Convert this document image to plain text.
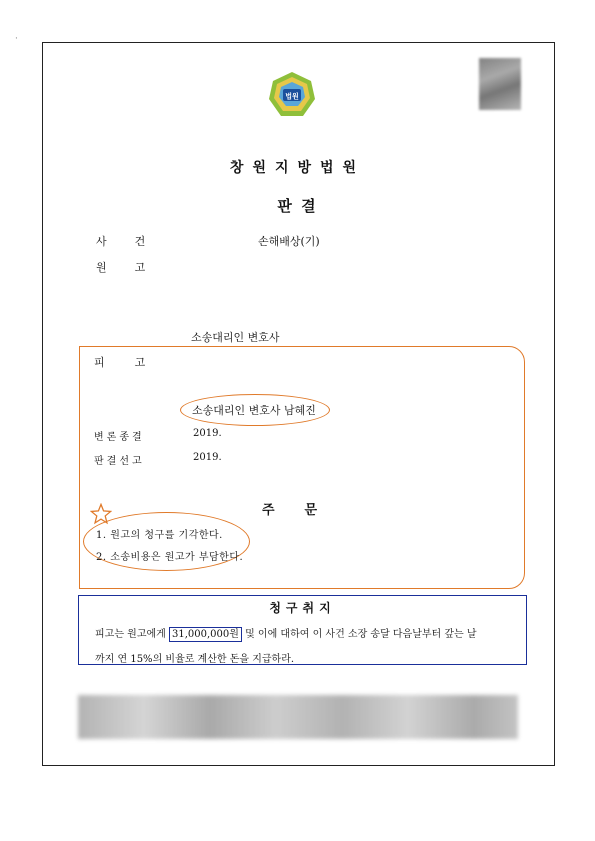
·
법원
창원지방법원
판 결
사건	손해배상(기)
원고
소송대리인 변호사
피고
소송대리인 변호사 남혜진
변론종결	2019.
판결선고	2019.
주문
1. 원고의 청구를 기각한다.
2. 소송비용은 원고가 부담한다.
청구취지
피고는 원고에게 31,000,000원 및 이에 대하여 이 사건 소장 송달 다음날부터 갚는 날
까지 연 15%의 비율로 계산한 돈을 지급하라.
